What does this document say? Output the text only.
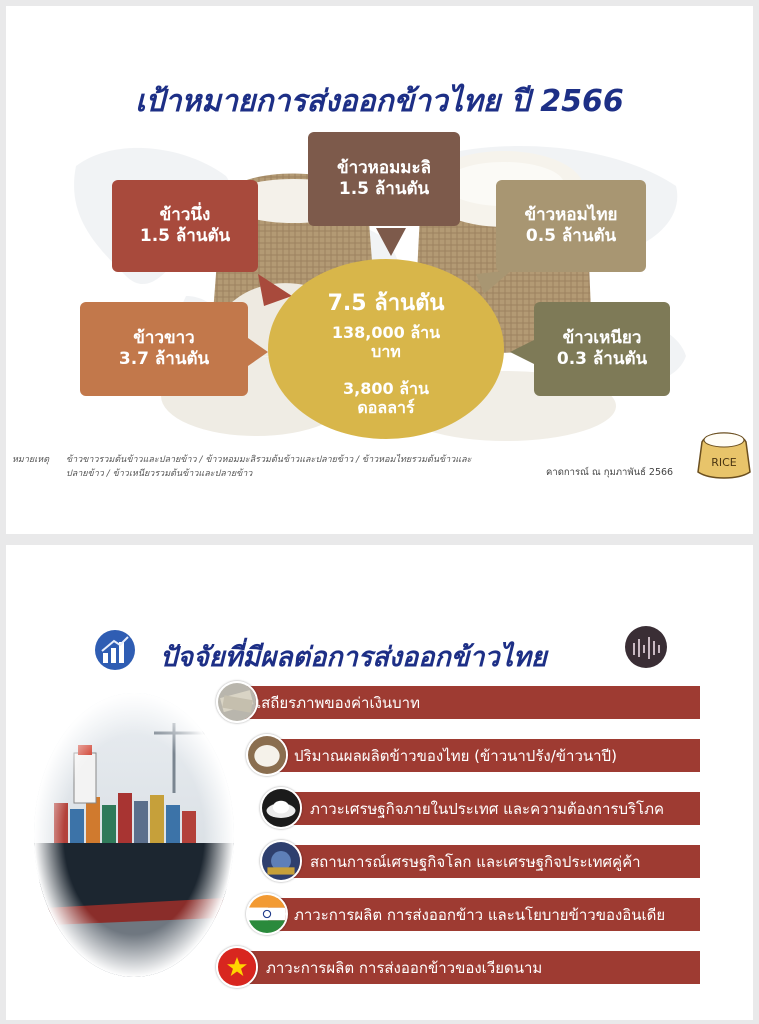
เป้าหมายการส่งออกข้าวไทย ปี 2566
ข้าวหอมมะลิ
1.5 ล้านตัน
ข้าวนึ่ง
1.5 ล้านตัน
ข้าวหอมไทย
0.5 ล้านตัน
ข้าวขาว
3.7 ล้านตัน
ข้าวเหนียว
0.3 ล้านตัน
7.5 ล้านตัน
138,000 ล้าน บาท
3,800 ล้าน ดอลลาร์
หมายเหตุ ข้าวขาวรวมต้นข้าวและปลายข้าว / ข้าวหอมมะลิรวมต้นข้าวและปลายข้าว / ข้าวหอมไทยรวมต้นข้าวและปลายข้าว / ข้าวเหนียวรวมต้นข้าวและปลายข้าว	คาดการณ์ ณ กุมภาพันธ์ 2566
RICE
ปัจจัยที่มีผลต่อการส่งออกข้าวไทย
เสถียรภาพของค่าเงินบาท
ปริมาณผลผลิตข้าวของไทย (ข้าวนาปรัง/ข้าวนาปี)
ภาวะเศรษฐกิจภายในประเทศ และความต้องการบริโภค
สถานการณ์เศรษฐกิจโลก และเศรษฐกิจประเทศคู่ค้า
ภาวะการผลิต การส่งออกข้าว และนโยบายข้าวของอินเดีย
ภาวะการผลิต การส่งออกข้าวของเวียดนาม
